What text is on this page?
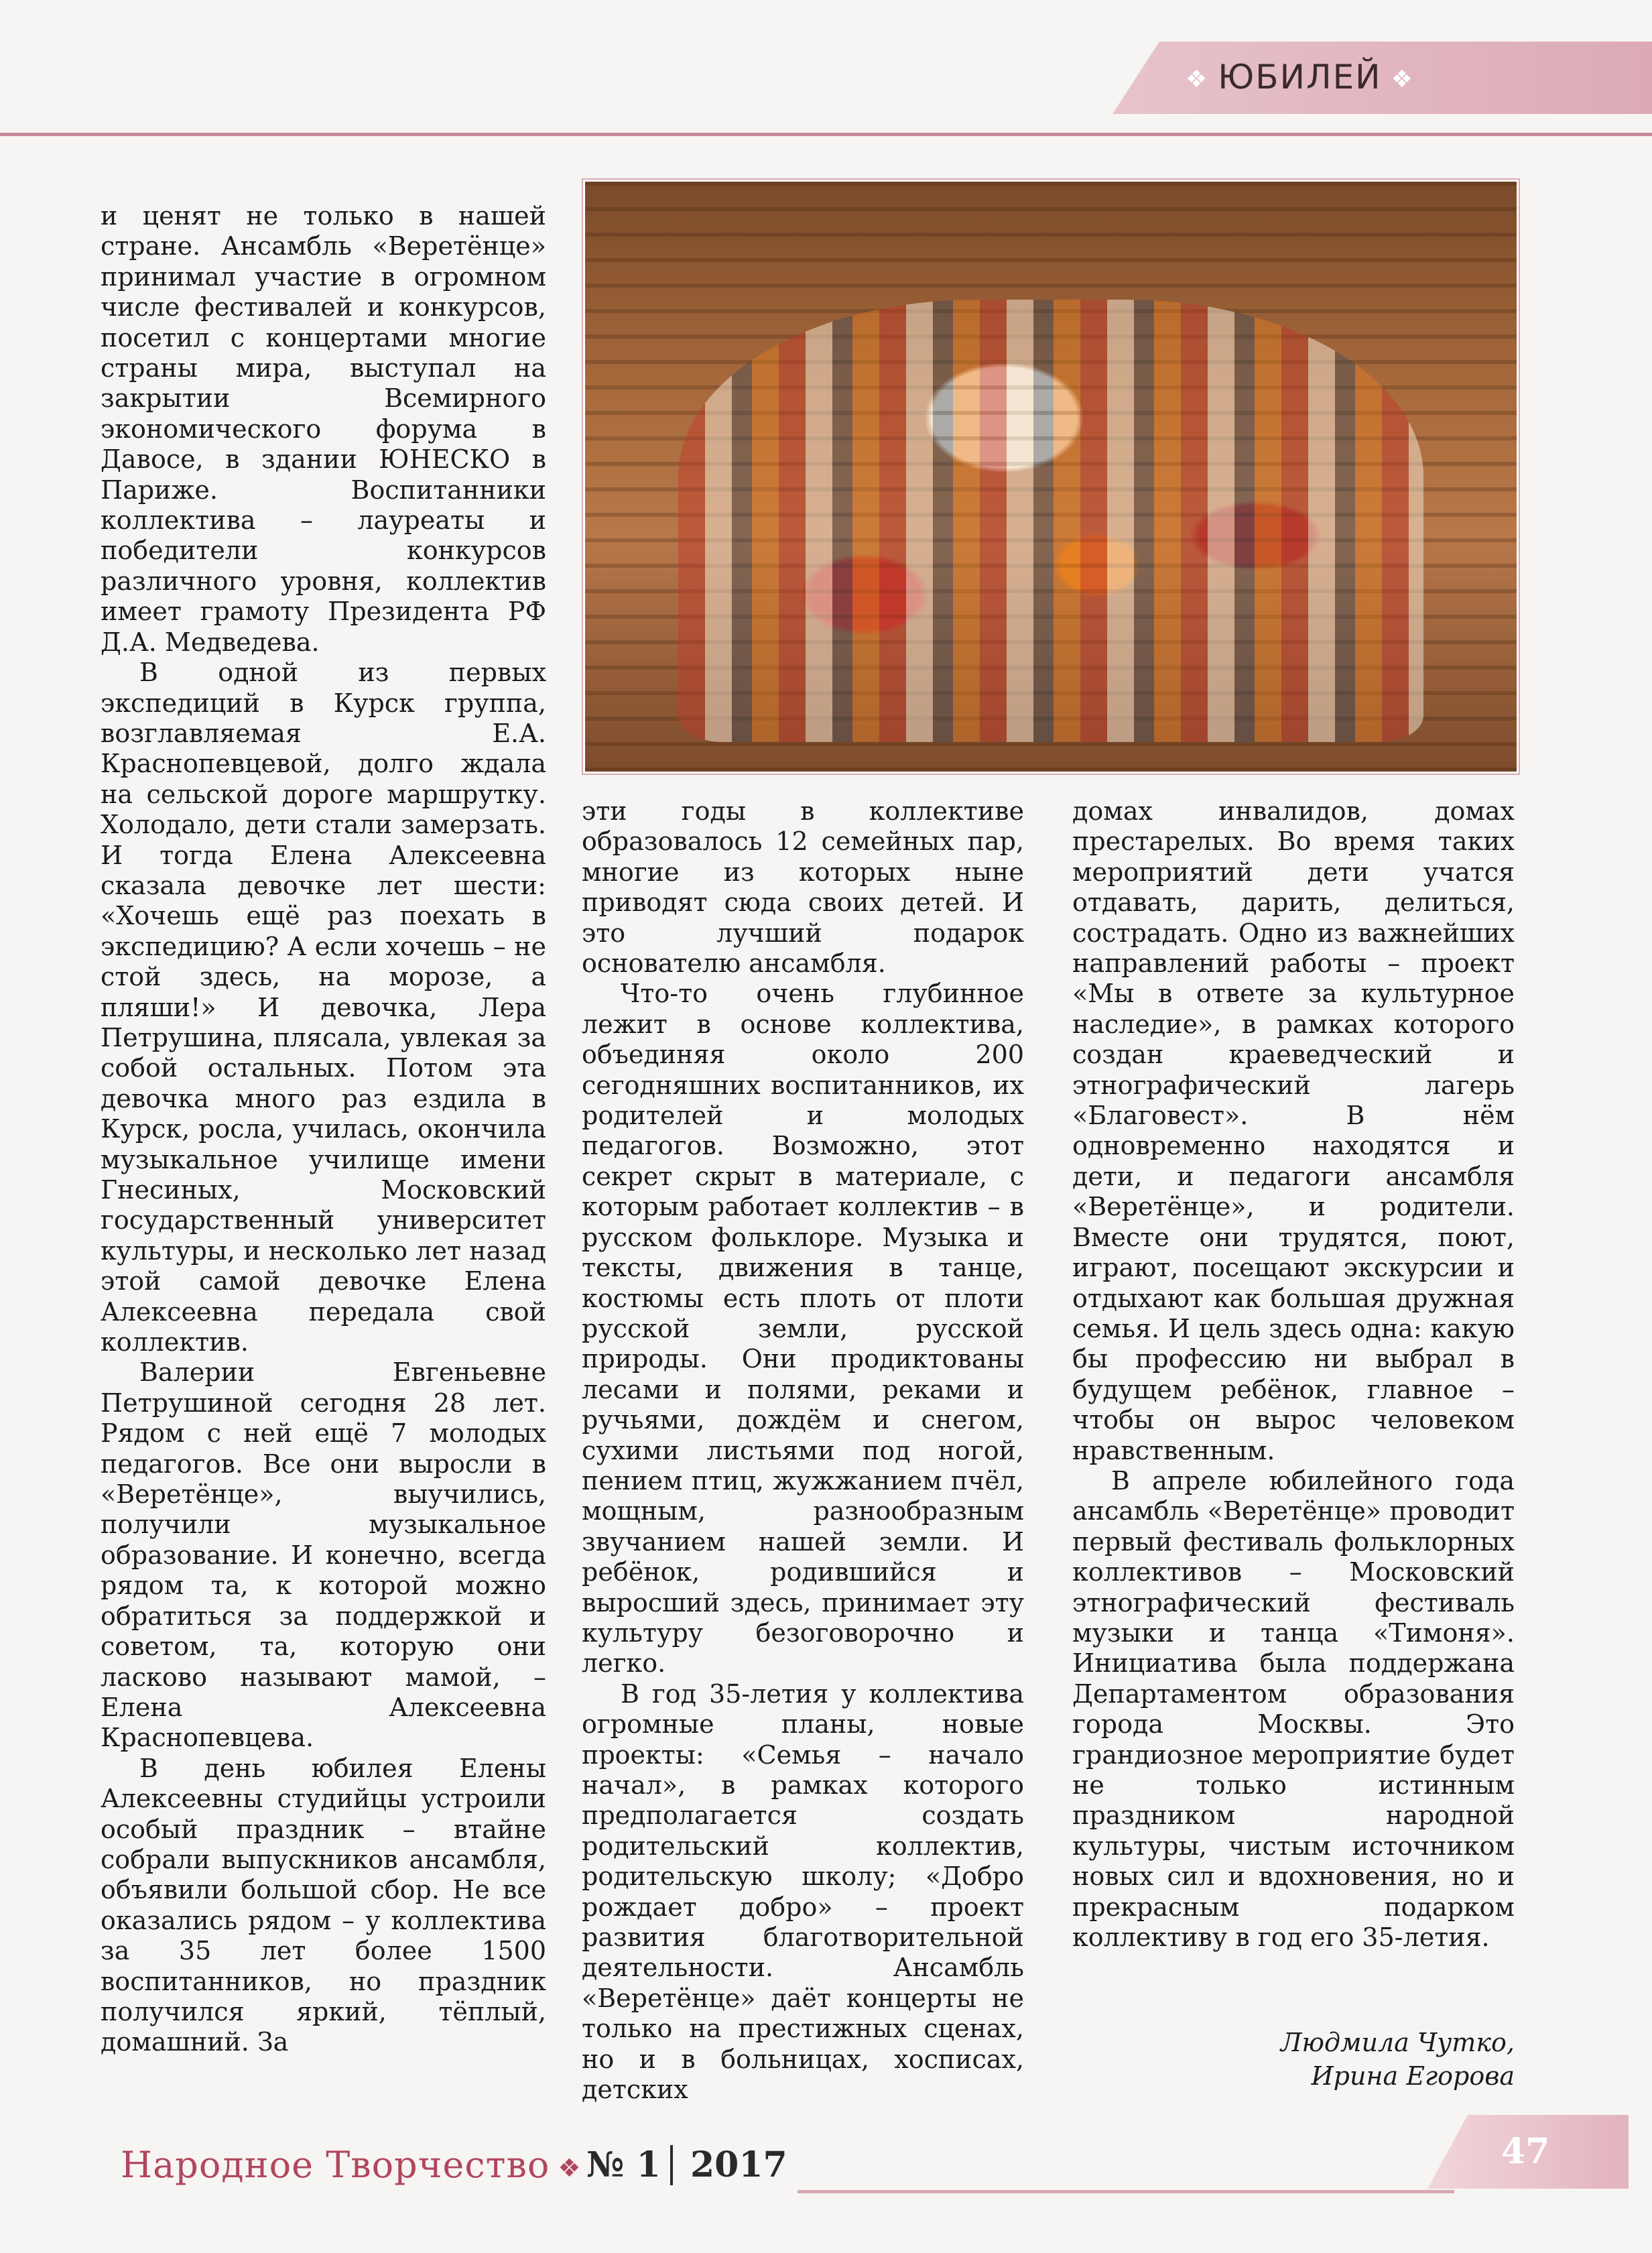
❖ ЮБИЛЕЙ ❖

и ценят не только в нашей стране. Ансамбль «Веретёнце» принимал участие в огромном числе фестивалей и конкурсов, посетил с концертами многие страны мира, выступал на закрытии Всемирного экономического форума в Давосе, в здании ЮНЕСКО в Париже. Воспитанники коллектива – лауреаты и победители конкурсов различного уровня, коллектив имеет грамоту Президента РФ Д.А. Медведева.

В одной из первых экспедиций в Курск группа, возглавляемая Е.А. Краснопевцевой, долго ждала на сельской дороге маршрутку. Холодало, дети стали замерзать. И тогда Елена Алексеевна сказала девочке лет шести: «Хочешь ещё раз поехать в экспедицию? А если хочешь – не стой здесь, на морозе, а пляши!» И девочка, Лера Петрушина, плясала, увлекая за собой остальных. Потом эта девочка много раз ездила в Курск, росла, училась, окончила музыкальное училище имени Гнесиных, Московский государственный университет культуры, и несколько лет назад этой самой девочке Елена Алексеевна передала свой коллектив.

Валерии Евгеньевне Петрушиной сегодня 28 лет. Рядом с ней ещё 7 молодых педагогов. Все они выросли в «Веретёнце», выучились, получили музыкальное образование. И конечно, всегда рядом та, к которой можно обратиться за поддержкой и советом, та, которую они ласково называют мамой, – Елена Алексеевна Краснопевцева.

В день юбилея Елены Алексеевны студийцы устроили особый праздник – втайне собрали выпускников ансамбля, объявили большой сбор. Не все оказались рядом – у коллектива за 35 лет более 1500 воспитанников, но праздник получился яркий, тёплый, домашний. За

эти годы в коллективе образовалось 12 семейных пар, многие из которых ныне приводят сюда своих детей. И это лучший подарок основателю ансамбля.

Что-то очень глубинное лежит в основе коллектива, объединяя около 200 сегодняшних воспитанников, их родителей и молодых педагогов. Возможно, этот секрет скрыт в материале, с которым работает коллектив – в русском фольклоре. Музыка и тексты, движения в танце, костюмы есть плоть от плоти русской земли, русской природы. Они продиктованы лесами и полями, реками и ручьями, дождём и снегом, сухими листьями под ногой, пением птиц, жужжанием пчёл, мощным, разнообразным звучанием нашей земли. И ребёнок, родившийся и выросший здесь, принимает эту культуру безоговорочно и легко.

В год 35-летия у коллектива огромные планы, новые проекты: «Семья – начало начал», в рамках которого предполагается создать родительский коллектив, родительскую школу; «Добро рождает добро» – проект развития благотворительной деятельности. Ансамбль «Веретёнце» даёт концерты не только на престижных сценах, но и в больницах, хосписах, детских

домах инвалидов, домах престарелых. Во время таких мероприятий дети учатся отдавать, дарить, делиться, сострадать. Одно из важнейших направлений работы – проект «Мы в ответе за культурное наследие», в рамках которого создан краеведческий и этнографический лагерь «Благовест». В нём одновременно находятся и дети, и педагоги ансамбля «Веретёнце», и родители. Вместе они трудятся, поют, играют, посещают экскурсии и отдыхают как большая дружная семья. И цель здесь одна: какую бы профессию ни выбрал в будущем ребёнок, главное – чтобы он вырос человеком нравственным.

В апреле юбилейного года ансамбль «Веретёнце» проводит первый фестиваль фольклорных коллективов – Московский этнографический фестиваль музыки и танца «Тимоня». Инициатива была поддержана Департаментом образования города Москвы. Это грандиозное мероприятие будет не только истинным праздником народной культуры, чистым источником новых сил и вдохновения, но и прекрасным подарком коллективу в год его 35-летия.

Людмила Чутко,
Ирина Егорова
Народное Творчество ❖ № 1 2017	47
